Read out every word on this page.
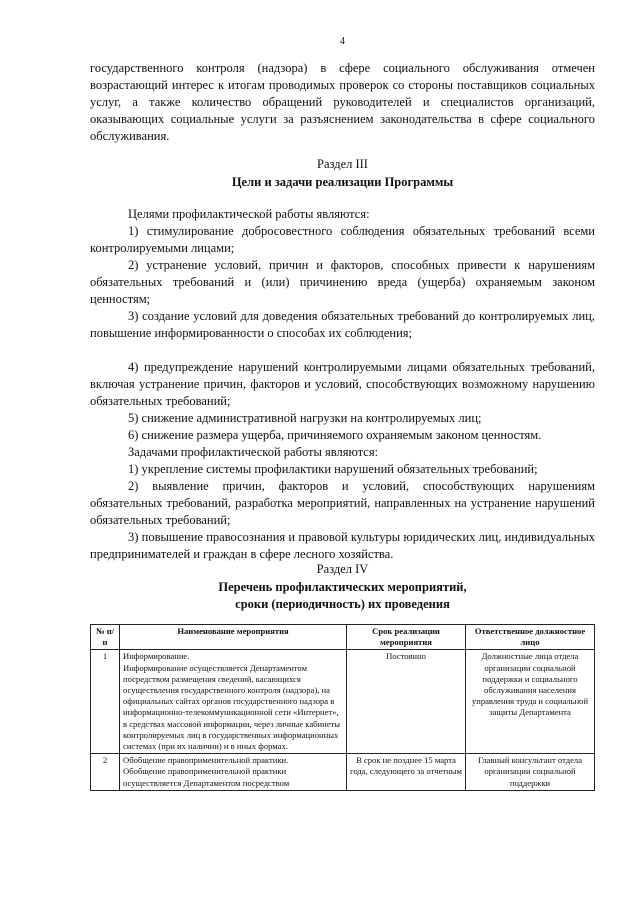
4

государственного контроля (надзора) в сфере социального обслуживания отмечен возрастающий интерес к итогам проводимых проверок со стороны поставщиков социальных услуг, а также количество обращений руководителей и специалистов организаций, оказывающих социальные услуги за разъяснением законодательства в сфере социального обслуживания.

Раздел III

Цели и задачи реализации Программы

Целями профилактической работы являются:

1) стимулирование добросовестного соблюдения обязательных требований всеми контролируемыми лицами;

2) устранение условий, причин и факторов, способных привести к нарушениям обязательных требований и (или) причинению вреда (ущерба) охраняемым законом ценностям;

3) создание условий для доведения обязательных требований до контролируемых лиц, повышение информированности о способах их соблюдения;

4) предупреждение нарушений контролируемыми лицами обязательных требований, включая устранение причин, факторов и условий, способствующих возможному нарушению обязательных требований;

5) снижение административной нагрузки на контролируемых лиц;

6) снижение размера ущерба, причиняемого охраняемым законом ценностям.

Задачами профилактической работы являются:

1) укрепление системы профилактики нарушений обязательных требований;

2) выявление причин, факторов и условий, способствующих нарушениям обязательных требований, разработка мероприятий, направленных на устранение нарушений обязательных требований;

3) повышение правосознания и правовой культуры юридических лиц, индивидуальных предпринимателей и граждан в сфере лесного хозяйства.

Раздел IV

Перечень профилактических мероприятий,

сроки (периодичность) их проведения

№ п/п	Наименование мероприятия	Срок реализации мероприятия	Ответственное должностное лицо
1	Информирование.
Информирование осуществляется Департаментом посредством размещения сведений, касающихся осуществления государственного контроля (надзора), на официальных сайтах органов государственного надзора в информационно-телекоммуникационной сети «Интернет», в средствах массовой информации, через личные кабинеты контролируемых лиц в государственных информационных системах (при их наличии) и в иных формах.	Постоянно	Должностные лица отдела организации социальной поддержки и социального обслуживания населения управления труда и социальной защиты Департамента
2	Обобщение правоприменительной практики.
Обобщение правоприменительной практики осуществляется Департаментом посредством	В срок не позднее 15 марта года, следующего за отчетным	Главный консультант отдела организации социальной поддержки
